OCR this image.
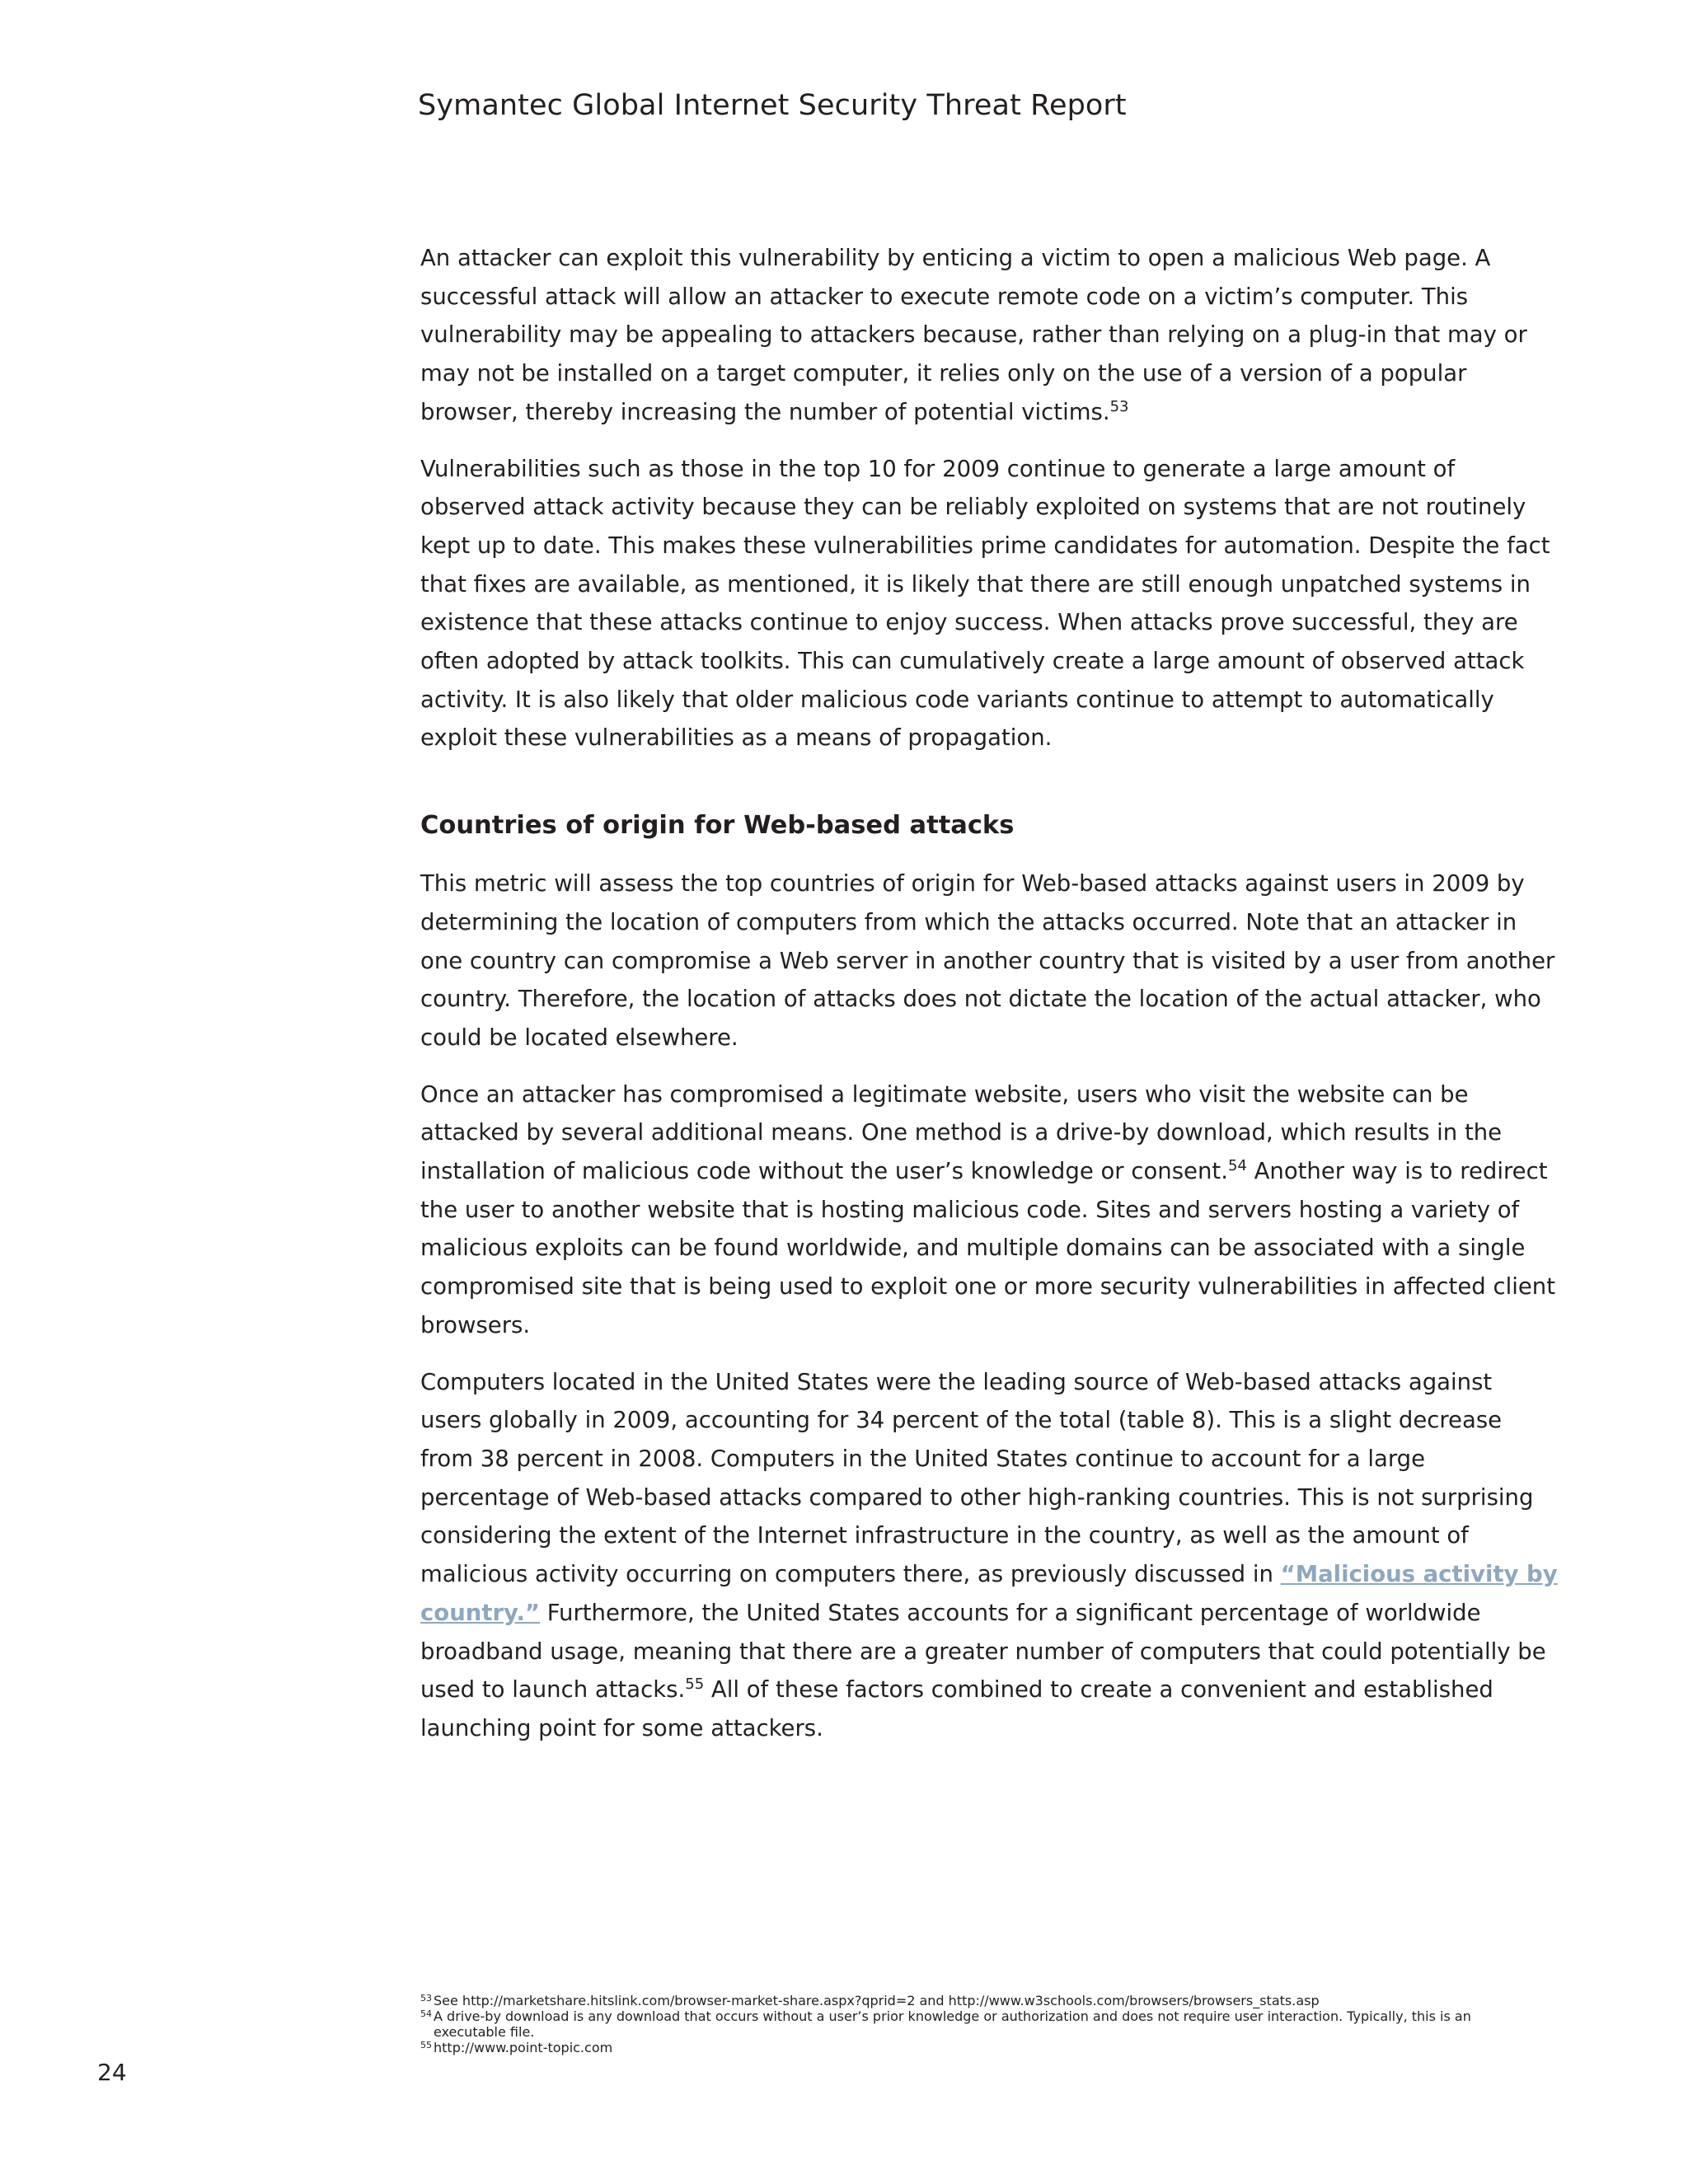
Symantec Global Internet Security Threat Report

An attacker can exploit this vulnerability by enticing a victim to open a malicious Web page. A successful attack will allow an attacker to execute remote code on a victim’s computer. This vulnerability may be appealing to attackers because, rather than relying on a plug-in that may or may not be installed on a target computer, it relies only on the use of a version of a popular browser, thereby increasing the number of potential victims.$^{53}$

Vulnerabilities such as those in the top 10 for 2009 continue to generate a large amount of observed attack activity because they can be reliably exploited on systems that are not routinely kept up to date. This makes these vulnerabilities prime candidates for automation. Despite the fact that fixes are available, as mentioned, it is likely that there are still enough unpatched systems in existence that these attacks continue to enjoy success. When attacks prove successful, they are often adopted by attack toolkits. This can cumulatively create a large amount of observed attack activity. It is also likely that older malicious code variants continue to attempt to automatically exploit these vulnerabilities as a means of propagation.

Countries of origin for Web-based attacks

This metric will assess the top countries of origin for Web-based attacks against users in 2009 by determining the location of computers from which the attacks occurred. Note that an attacker in one country can compromise a Web server in another country that is visited by a user from another country. Therefore, the location of attacks does not dictate the location of the actual attacker, who could be located elsewhere.

Once an attacker has compromised a legitimate website, users who visit the website can be attacked by several additional means. One method is a drive-by download, which results in the installation of malicious code without the user’s knowledge or consent.$^{54}$ Another way is to redirect the user to another website that is hosting malicious code. Sites and servers hosting a variety of malicious exploits can be found worldwide, and multiple domains can be associated with a single compromised site that is being used to exploit one or more security vulnerabilities in affected client browsers.

Computers located in the United States were the leading source of Web-based attacks against users globally in 2009, accounting for 34 percent of the total (table 8). This is a slight decrease from 38 percent in 2008. Computers in the United States continue to account for a large percentage of Web-based attacks compared to other high-ranking countries. This is not surprising considering the extent of the Internet infrastructure in the country, as well as the amount of malicious activity occurring on computers there, as previously discussed in “Malicious activity by country.” Furthermore, the United States accounts for a significant percentage of worldwide broadband usage, meaning that there are a greater number of computers that could potentially be used to launch attacks.$^{55}$ All of these factors combined to create a convenient and established launching point for some attackers.

53 See http://marketshare.hitslink.com/browser-market-share.aspx?qprid=2 and http://www.w3schools.com/browsers/browsers_stats.asp
54 A drive-by download is any download that occurs without a user’s prior knowledge or authorization and does not require user interaction. Typically, this is an executable file.
55 http://www.point-topic.com
24
